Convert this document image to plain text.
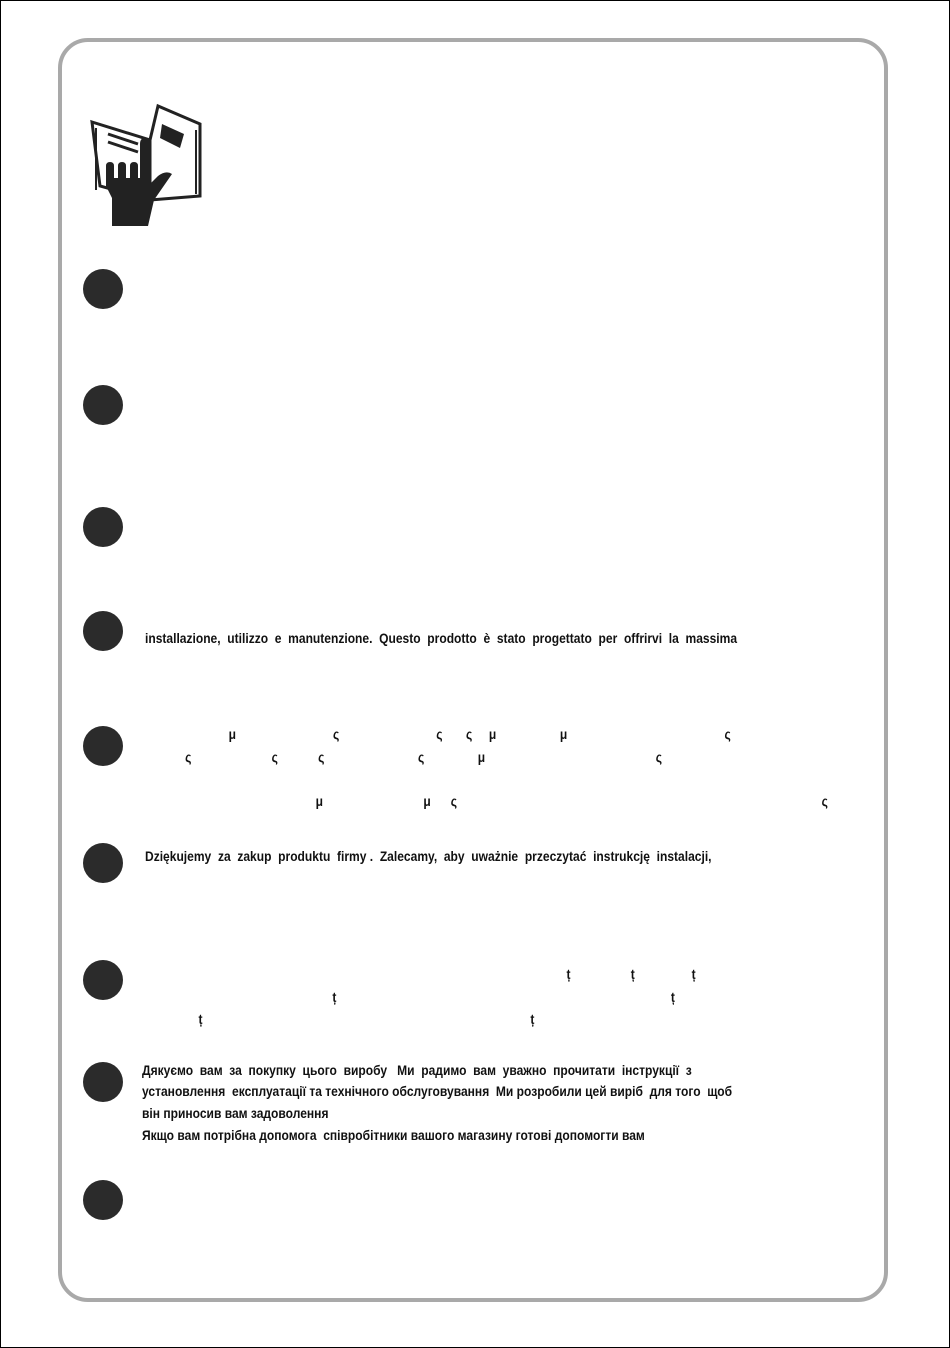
installazione,  utilizzo  e  manutenzione.  Questo  prodotto  è  stato  progettato  per  offrirvi  la  massima
μ                             ς                             ς       ς     μ                   μ                                               ς
ς                        ς            ς                            ς                μ                                                   ς
μ                              μ      ς                                                                                                             ς
Dziękujemy  za  zakup  produktu  firmy .  Zalecamy,  aby  uważnie  przeczytać  instrukcję  instalacji,
ț                  ț                 ț
ț                                                                                                    ț
ț                                                                                                  ț
Дякуємо  вам  за  покупку  цього  виробу   Ми  радимо  вам  уважно  прочитати  інструкції  з
установлення  експлуатації та технічного обслуговування  Ми розробили цей виріб  для того  щоб
він приносив вам задоволення
Якщо вам потрібна допомога  співробітники вашого магазину готові допомогти вам
